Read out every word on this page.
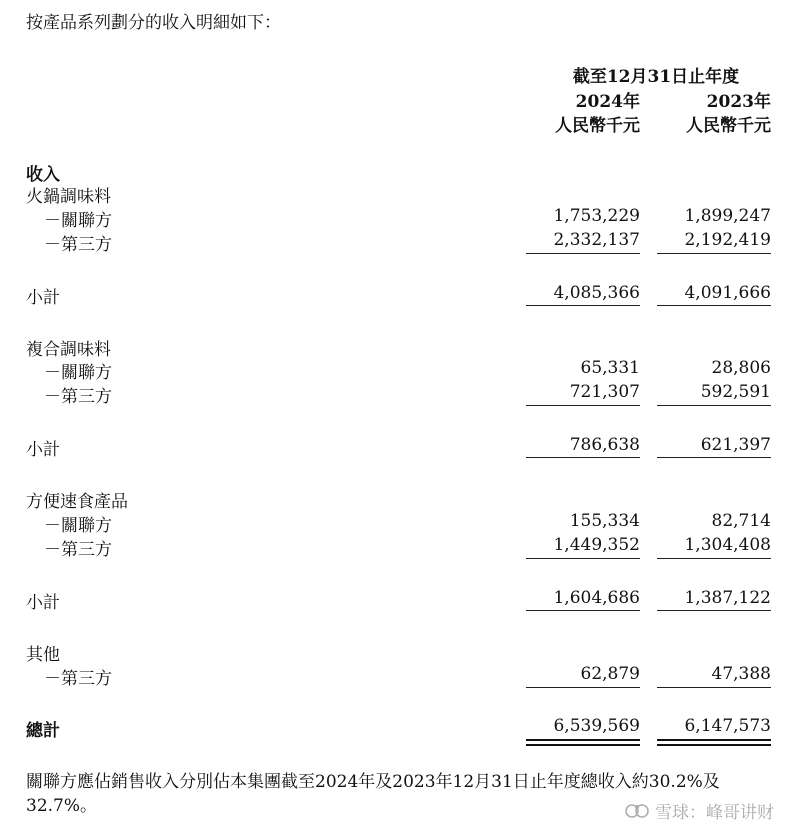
按產品系列劃分的收入明細如下：
截至12月31日止年度
2024年	2023年
人民幣千元	人民幣千元
收入
火鍋調味料
－關聯方	1,753,229	1,899,247
－第三方	2,332,137	2,192,419
小計	4,085,366	4,091,666
複合調味料
－關聯方	65,331	28,806
－第三方	721,307	592,591
小計	786,638	621,397
方便速食產品
－關聯方	155,334	82,714
－第三方	1,449,352	1,304,408
小計	1,604,686	1,387,122
其他
－第三方	62,879	47,388
總計	6,539,569	6,147,573
關聯方應佔銷售收入分別佔本集團截至2024年及2023年12月31日止年度總收入約30.2%及32.7%。	雪球：峰哥讲财
